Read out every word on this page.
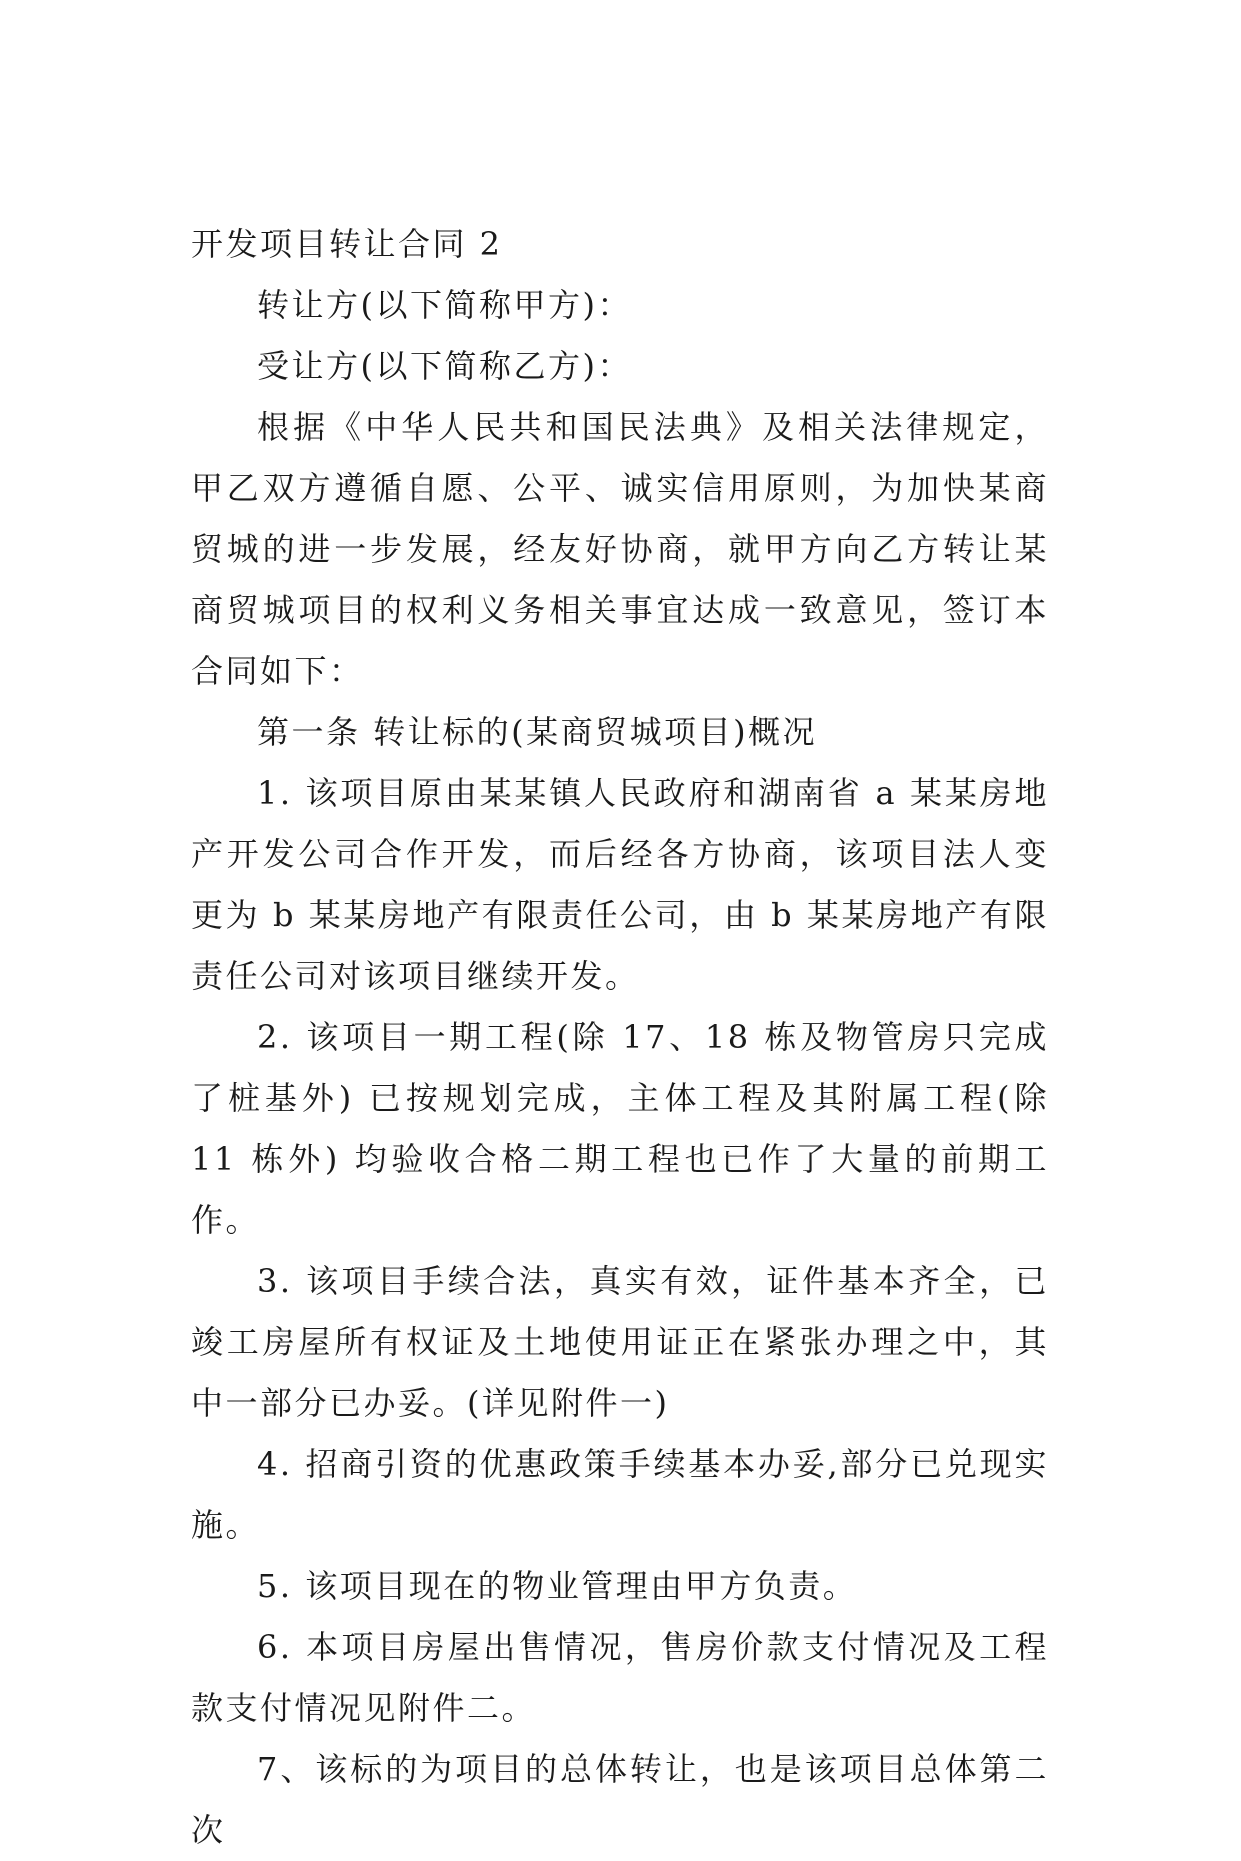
开发项目转让合同 2

转让方(以下简称甲方)：

受让方(以下简称乙方)：

根据《中华人民共和国民法典》及相关法律规定，甲乙双方遵循自愿、公平、诚实信用原则，为加快某商贸城的进一步发展，经友好协商，就甲方向乙方转让某商贸城项目的权利义务相关事宜达成一致意见，签订本合同如下：

第一条 转让标的(某商贸城项目)概况

1. 该项目原由某某镇人民政府和湖南省 a 某某房地产开发公司合作开发，而后经各方协商，该项目法人变更为 b 某某房地产有限责任公司，由 b 某某房地产有限责任公司对该项目继续开发。

2. 该项目一期工程(除 17、18 栋及物管房只完成了桩基外) 已按规划完成，主体工程及其附属工程(除 11 栋外) 均验收合格二期工程也已作了大量的前期工作。

3. 该项目手续合法，真实有效，证件基本齐全，已竣工房屋所有权证及土地使用证正在紧张办理之中，其中一部分已办妥。(详见附件一)

4. 招商引资的优惠政策手续基本办妥,部分已兑现实施。

5. 该项目现在的物业管理由甲方负责。

6. 本项目房屋出售情况，售房价款支付情况及工程款支付情况见附件二。

7、该标的为项目的总体转让，也是该项目总体第二次
